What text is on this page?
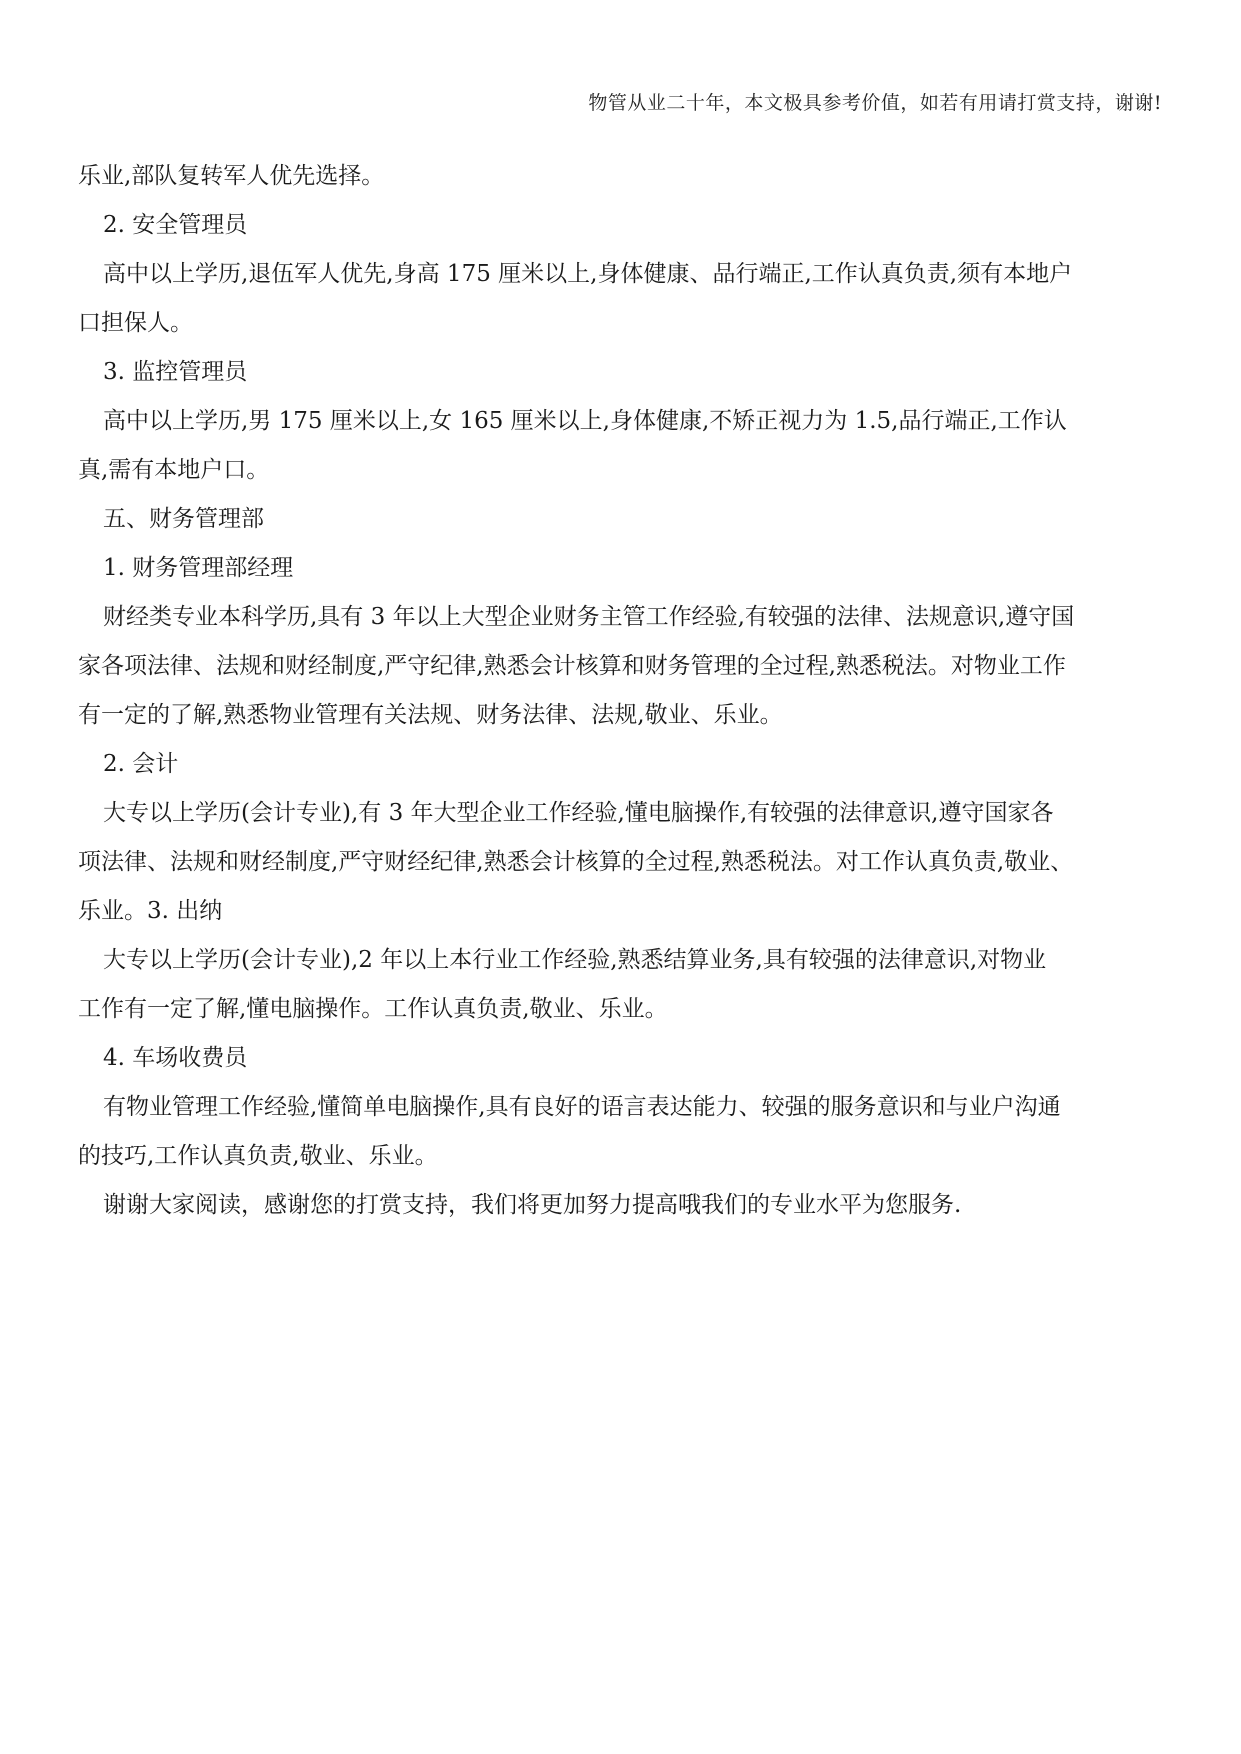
物管从业二十年，本文极具参考价值，如若有用请打赏支持，谢谢!

乐业,部队复转军人优先选择。

2. 安全管理员

高中以上学历,退伍军人优先,身高 175 厘米以上,身体健康、品行端正,工作认真负责,须有本地户

口担保人。

3. 监控管理员

高中以上学历,男 175 厘米以上,女 165 厘米以上,身体健康,不矫正视力为 1.5,品行端正,工作认

真,需有本地户口。

五、财务管理部

1. 财务管理部经理

财经类专业本科学历,具有 3 年以上大型企业财务主管工作经验,有较强的法律、法规意识,遵守国

家各项法律、法规和财经制度,严守纪律,熟悉会计核算和财务管理的全过程,熟悉税法。对物业工作

有一定的了解,熟悉物业管理有关法规、财务法律、法规,敬业、乐业。

2. 会计

大专以上学历(会计专业),有 3 年大型企业工作经验,懂电脑操作,有较强的法律意识,遵守国家各

项法律、法规和财经制度,严守财经纪律,熟悉会计核算的全过程,熟悉税法。对工作认真负责,敬业、

乐业。3. 出纳

大专以上学历(会计专业),2 年以上本行业工作经验,熟悉结算业务,具有较强的法律意识,对物业

工作有一定了解,懂电脑操作。工作认真负责,敬业、乐业。

4. 车场收费员

有物业管理工作经验,懂简单电脑操作,具有良好的语言表达能力、较强的服务意识和与业户沟通

的技巧,工作认真负责,敬业、乐业。

谢谢大家阅读，感谢您的打赏支持，我们将更加努力提高哦我们的专业水平为您服务.
